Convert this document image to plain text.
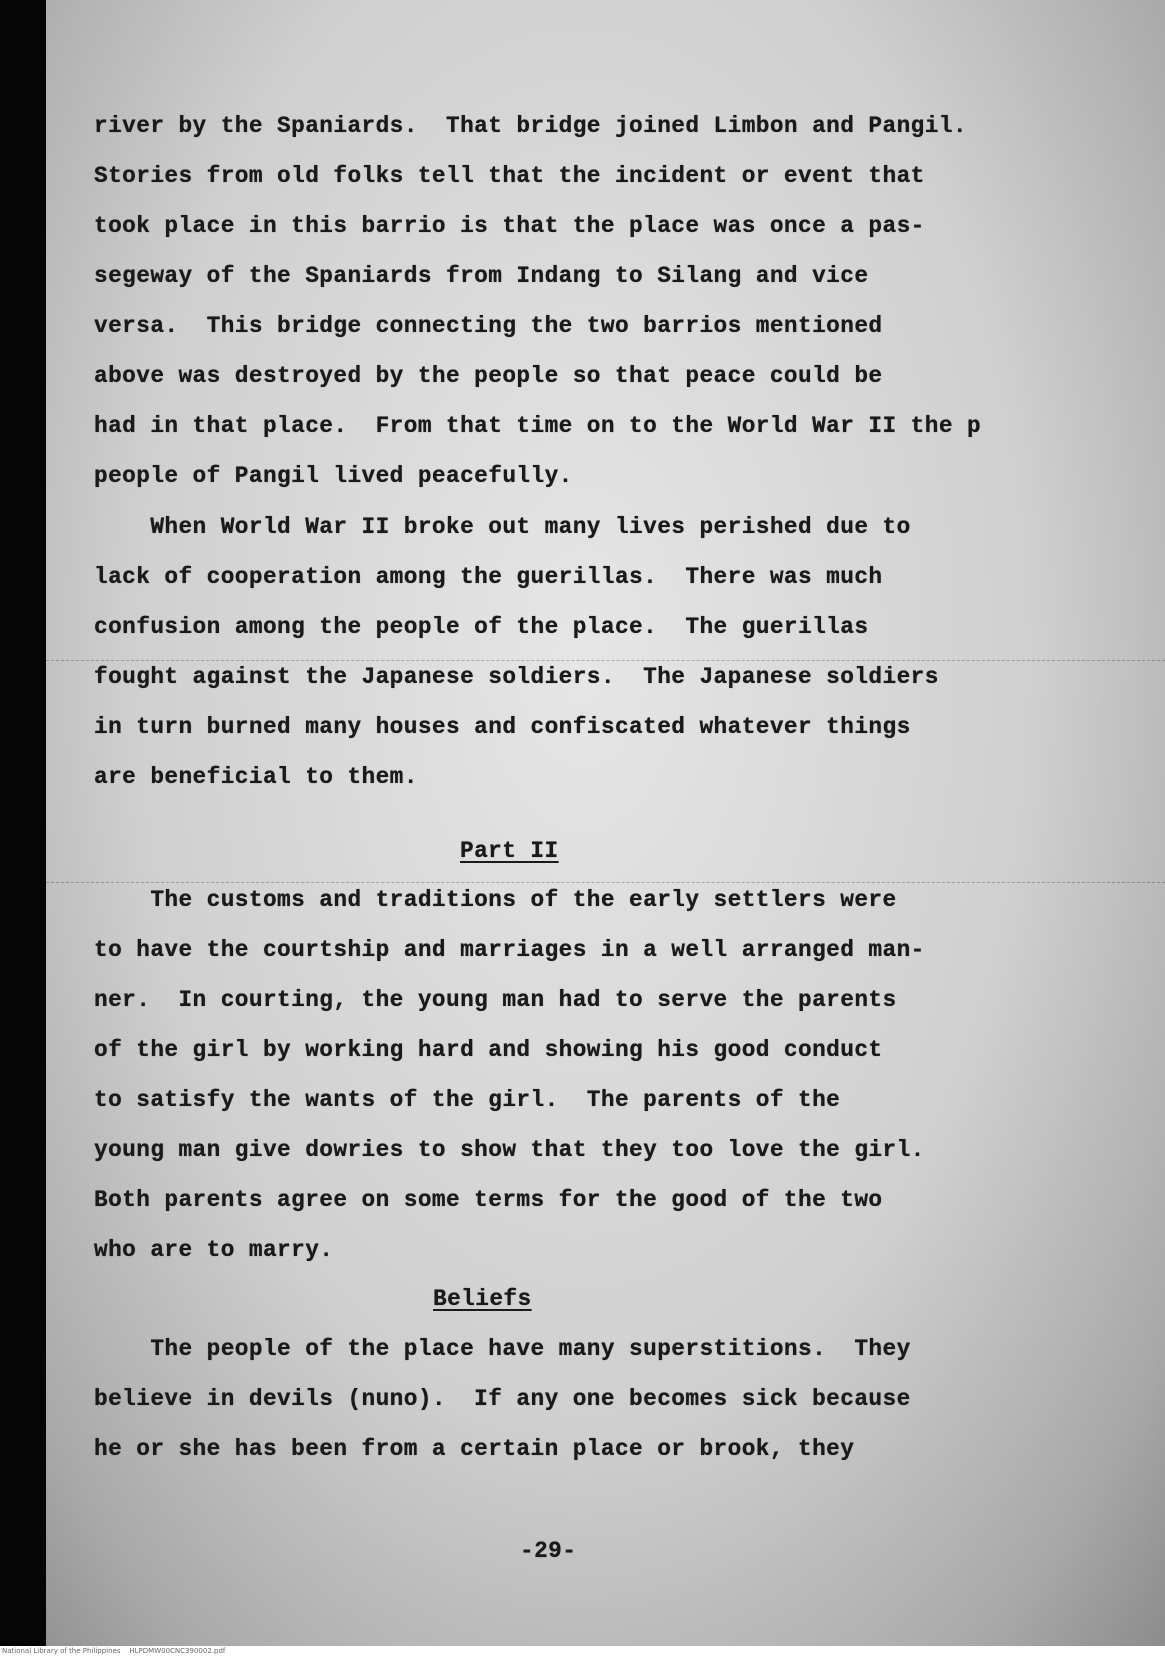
river by the Spaniards.  That bridge joined Limbon and Pangil.
Stories from old folks tell that the incident or event that
took place in this barrio is that the place was once a pas-
segeway of the Spaniards from Indang to Silang and vice
versa.  This bridge connecting the two barrios mentioned
above was destroyed by the people so that peace could be
had in that place.  From that time on to the World War II the p
people of Pangil lived peacefully.
When World War II broke out many lives perished due to
lack of cooperation among the guerillas.  There was much
confusion among the people of the place.  The guerillas
fought against the Japanese soldiers.  The Japanese soldiers
in turn burned many houses and confiscated whatever things
are beneficial to them.
Part II
The customs and traditions of the early settlers were
to have the courtship and marriages in a well arranged man-
ner.  In courting, the young man had to serve the parents
of the girl by working hard and showing his good conduct
to satisfy the wants of the girl.  The parents of the
young man give dowries to show that they too love the girl.
Both parents agree on some terms for the good of the two
who are to marry.
Beliefs
The people of the place have many superstitions.  They
believe in devils (nuno).  If any one becomes sick because
he or she has been from a certain place or brook, they
-29-
National Library of the Philippines    HLPDMW00CNC390002.pdf
